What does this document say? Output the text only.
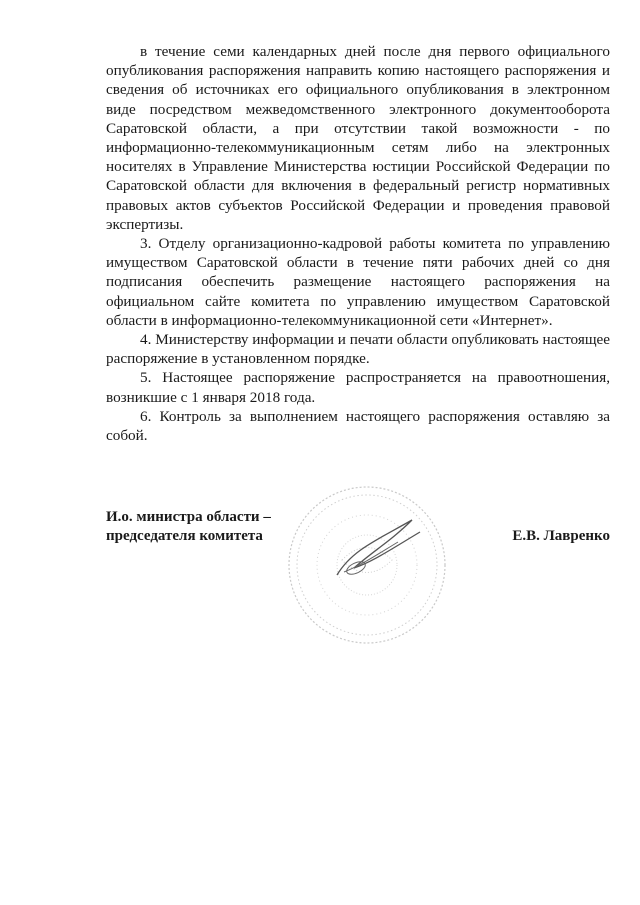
в течение семи календарных дней после дня первого официального опубликования распоряжения направить копию настоящего распоряжения и сведения об источниках его официального опубликования в электронном виде посредством межведомственного электронного документооборота Саратовской области, а при отсутствии такой возможности - по информационно-телекоммуникационным сетям либо на электронных носителях в Управление Министерства юстиции Российской Федерации по Саратовской области для включения в федеральный регистр нормативных правовых актов субъектов Российской Федерации и проведения правовой экспертизы.

3. Отделу организационно-кадровой работы комитета по управлению имуществом Саратовской области в течение пяти рабочих дней со дня подписания обеспечить размещение настоящего распоряжения на официальном сайте комитета по управлению имуществом Саратовской области в информационно-телекоммуникационной сети «Интернет».

4. Министерству информации и печати области опубликовать настоящее распоряжение в установленном порядке.

5. Настоящее распоряжение распространяется на правоотношения, возникшие с 1 января 2018 года.

6. Контроль за выполнением настоящего распоряжения оставляю за собой.

И.о. министра области –
председателя комитета	Е.В. Лавренко
